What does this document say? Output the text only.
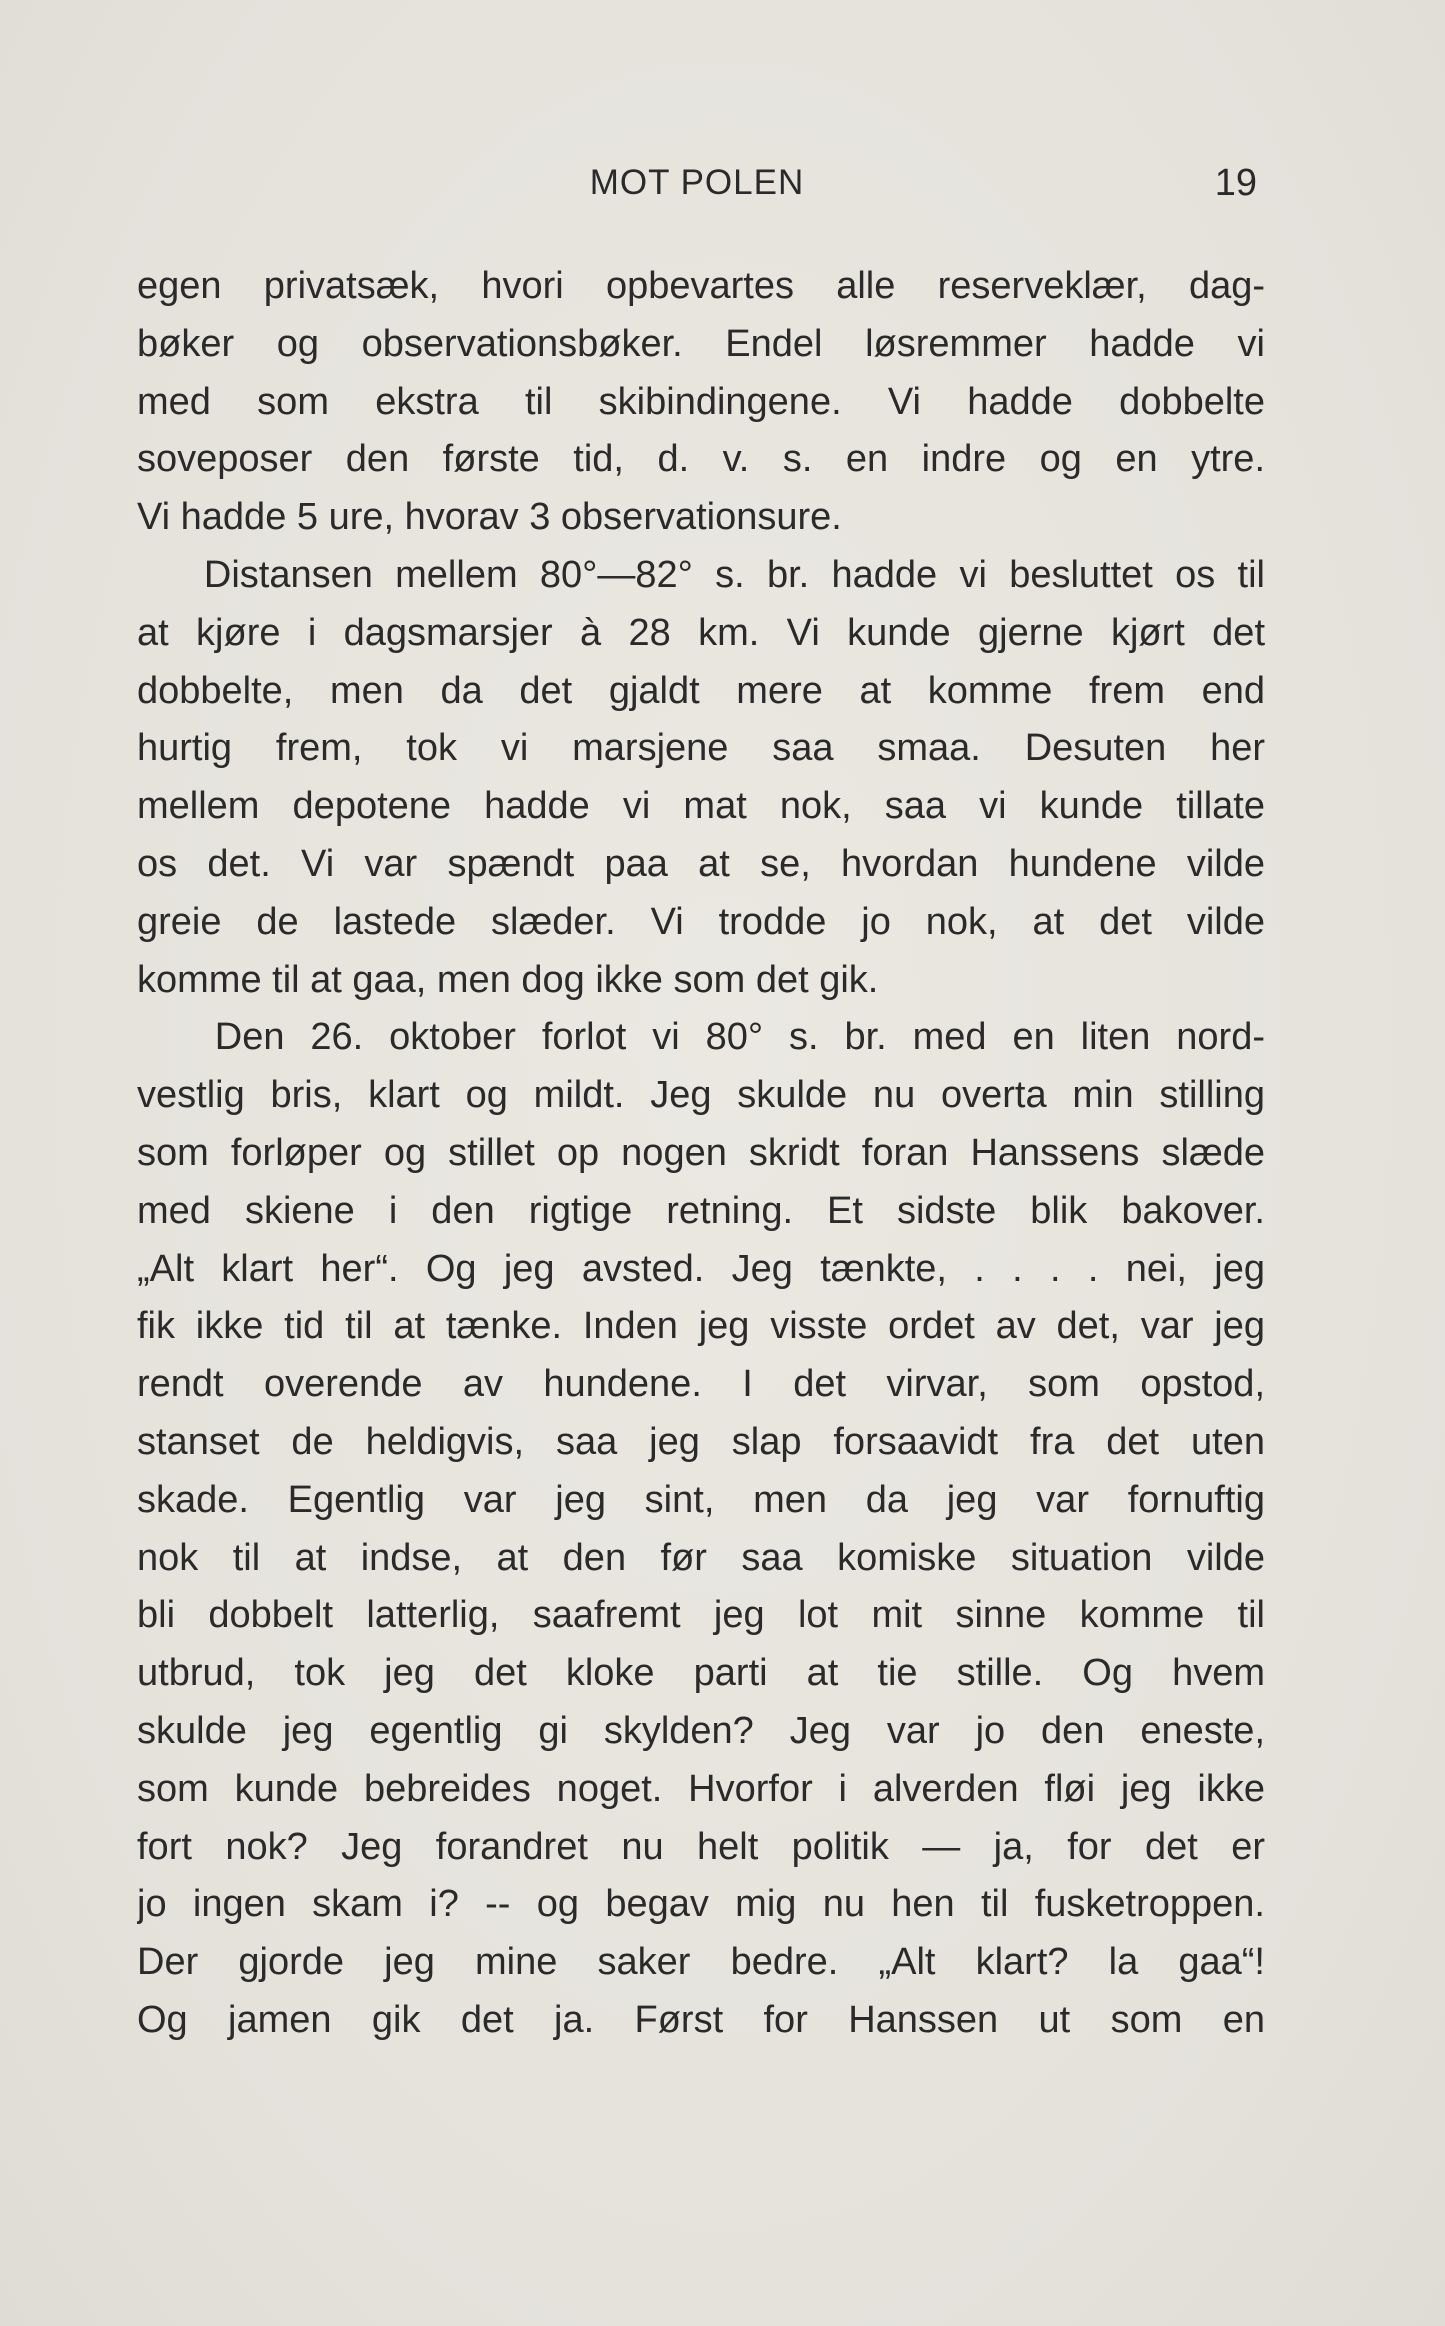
MOT POLEN	19
egen privatsæk, hvori opbevartes alle reserveklær, dag-
bøker og observationsbøker. Endel løsremmer hadde vi
med som ekstra til skibindingene. Vi hadde dobbelte
soveposer den første tid, d. v. s. en indre og en ytre.
Vi hadde 5 ure, hvorav 3 observationsure.
Distansen mellem 80°—82° s. br. hadde vi besluttet os til
at kjøre i dagsmarsjer à 28 km. Vi kunde gjerne kjørt det
dobbelte, men da det gjaldt mere at komme frem end
hurtig frem, tok vi marsjene saa smaa. Desuten her
mellem depotene hadde vi mat nok, saa vi kunde tillate
os det. Vi var spændt paa at se, hvordan hundene vilde
greie de lastede slæder. Vi trodde jo nok, at det vilde
komme til at gaa, men dog ikke som det gik.
Den 26. oktober forlot vi 80° s. br. med en liten nord-
vestlig bris, klart og mildt. Jeg skulde nu overta min stilling
som forløper og stillet op nogen skridt foran Hanssens slæde
med skiene i den rigtige retning. Et sidste blik bakover.
„Alt klart her“. Og jeg avsted. Jeg tænkte, . . . . nei, jeg
fik ikke tid til at tænke. Inden jeg visste ordet av det, var jeg
rendt overende av hundene. I det virvar, som opstod,
stanset de heldigvis, saa jeg slap forsaavidt fra det uten
skade. Egentlig var jeg sint, men da jeg var fornuftig
nok til at indse, at den før saa komiske situation vilde
bli dobbelt latterlig, saafremt jeg lot mit sinne komme til
utbrud, tok jeg det kloke parti at tie stille. Og hvem
skulde jeg egentlig gi skylden? Jeg var jo den eneste,
som kunde bebreides noget. Hvorfor i alverden fløi jeg ikke
fort nok? Jeg forandret nu helt politik — ja, for det er
jo ingen skam i? -- og begav mig nu hen til fusketroppen.
Der gjorde jeg mine saker bedre. „Alt klart? la gaa“!
Og jamen gik det ja. Først for Hanssen ut som en
